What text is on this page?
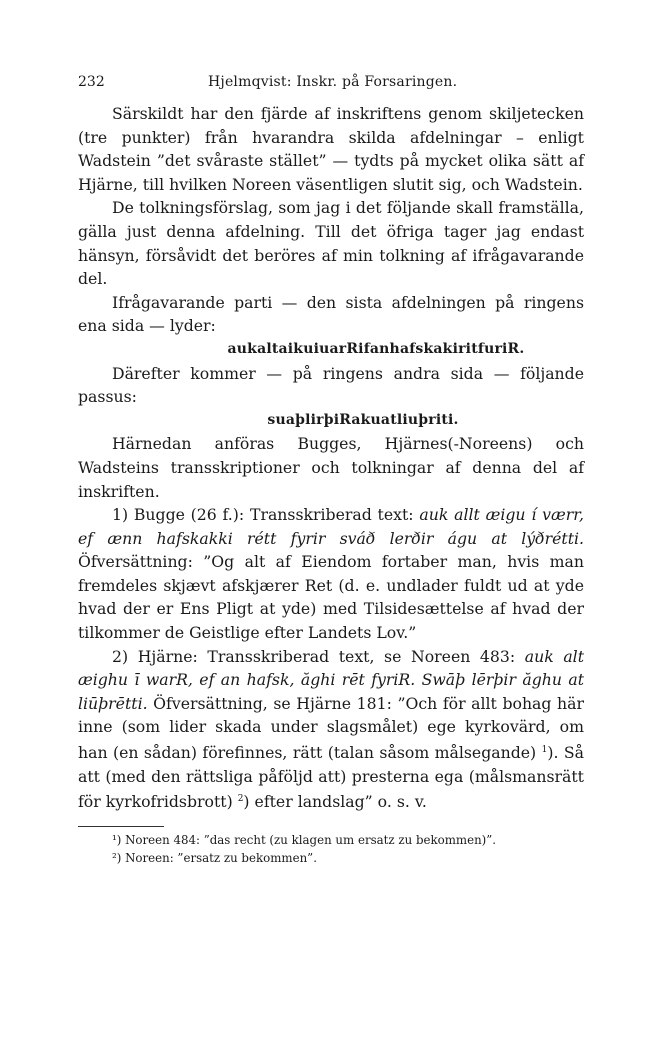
232	Hjelmqvist: Inskr. på Forsaringen.

Särskildt har den fjärde af inskriftens genom skiljetecken (tre punkter) från hvarandra skilda afdelningar – enligt Wadstein ”det svåraste stället” — tydts på mycket olika sätt af Hjärne, till hvilken Noreen väsentligen slutit sig, och Wadstein.

De tolkningsförslag, som jag i det följande skall framställa, gälla just denna afdelning. Till det öfriga tager jag endast hänsyn, försåvidt det beröres af min tolkning af ifrågavarande del.

Ifrågavarande parti — den sista afdelningen på ringens ena sida — lyder:

aukaltaikuiuarRifanhafskakiritfuriR.

Därefter kommer — på ringens andra sida — följande passus:

suaþlirþiRakuatliuþriti.

Härnedan anföras Bugges, Hjärnes(-Noreens) och Wadsteins transskriptioner och tolkningar af denna del af inskriften.

1) Bugge (26 f.): Transskriberad text: auk allt æigu í værr, ef ænn hafskakki rétt fyrir sváð lerðir águ at lýðrétti. Öfversättning: ”Og alt af Eiendom fortaber man, hvis man fremdeles skjævt afskjærer Ret (d. e. undlader fuldt ud at yde hvad der er Ens Pligt at yde) med Tilsidesættelse af hvad der tilkommer de Geistlige efter Landets Lov.”

2) Hjärne: Transskriberad text, se Noreen 483: auk alt æighu ī warR, ef an hafsk, ăghi rēt fyriR. Swāþ lērþir ăghu at liūþrētti. Öfversättning, se Hjärne 181: ”Och för allt bohag här inne (som lider skada under slagsmålet) ege kyrkovärd, om han (en sådan) förefinnes, rätt (talan såsom målsegande) $^1$). Så att (med den rättsliga påföljd att) presterna ega (målsmansrätt för kyrkofridsbrott) $^2$) efter landslag” o. s. v.

¹) Noreen 484: ”das recht (zu klagen um ersatz zu bekommen)”.

²) Noreen: ”ersatz zu bekommen”.
